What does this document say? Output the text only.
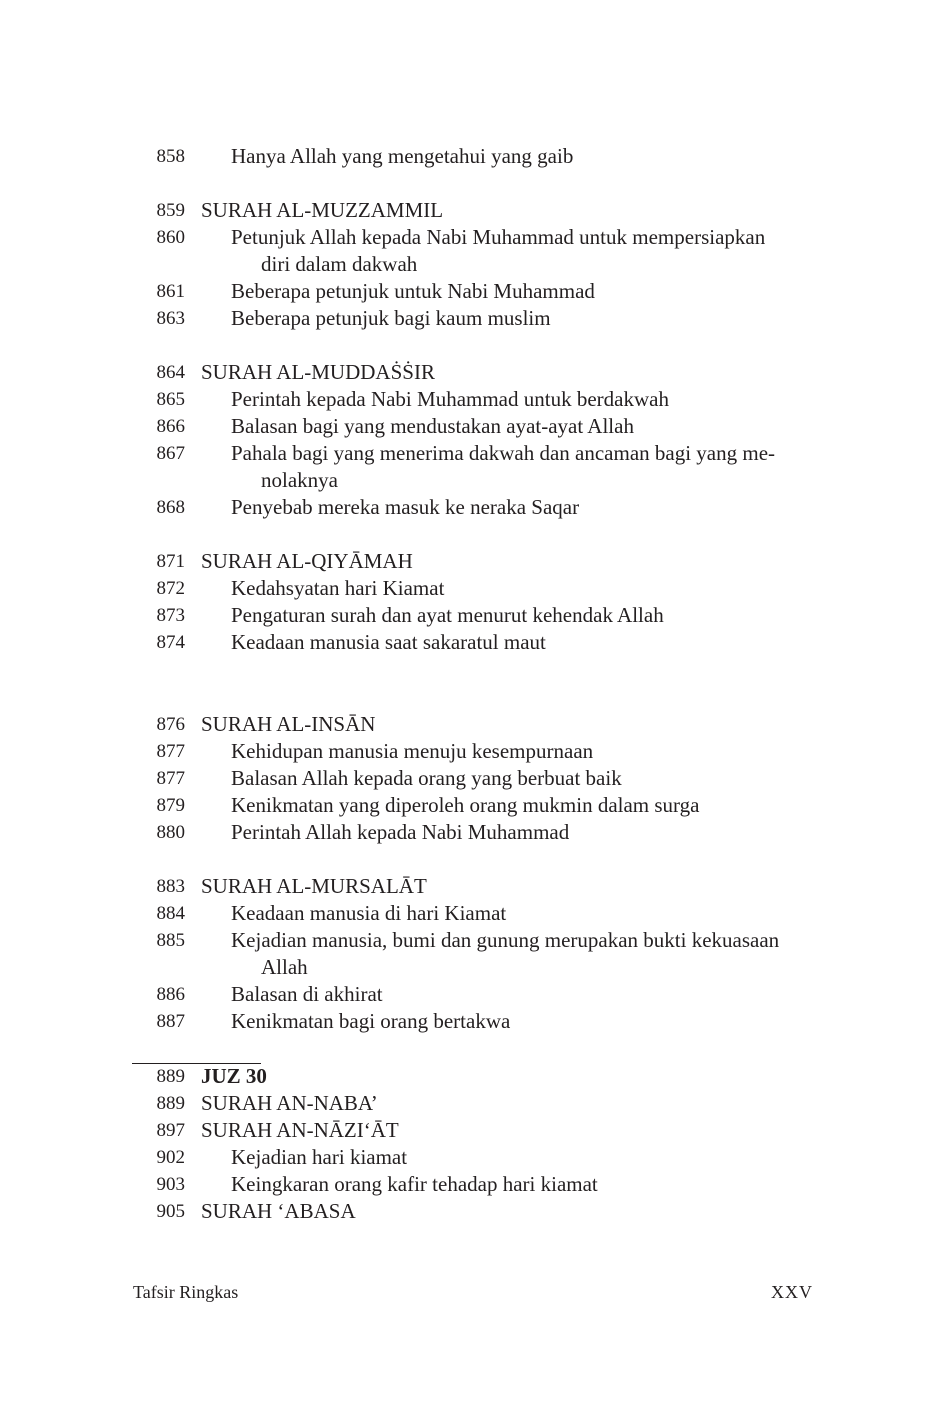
858 Hanya Allah yang mengetahui yang gaib
859 SURAH AL-MUZZAMMIL
860 Petunjuk Allah kepada Nabi Muhammad untuk mempersiapkan
diri dalam dakwah
861 Beberapa petunjuk untuk Nabi Muhammad
863 Beberapa petunjuk bagi kaum muslim
864 SURAH AL-MUDDAṠṠIR
865 Perintah kepada Nabi Muhammad untuk berdakwah
866 Balasan bagi yang mendustakan ayat-ayat Allah
867 Pahala bagi yang menerima dakwah dan ancaman bagi yang me-
nolaknya
868 Penyebab mereka masuk ke neraka Saqar
871 SURAH AL-QIYĀMAH
872 Kedahsyatan hari Kiamat
873 Pengaturan surah dan ayat menurut kehendak Allah
874 Keadaan manusia saat sakaratul maut
876 SURAH AL-INSĀN
877 Kehidupan manusia menuju kesempurnaan
877 Balasan Allah kepada orang yang berbuat baik
879 Kenikmatan yang diperoleh orang mukmin dalam surga
880 Perintah Allah kepada Nabi Muhammad
883 SURAH AL-MURSALĀT
884 Keadaan manusia di hari Kiamat
885 Kejadian manusia, bumi dan gunung merupakan bukti kekuasaan
Allah
886 Balasan di akhirat
887 Kenikmatan bagi orang bertakwa
889 JUZ 30
889 SURAH AN-NABA’
897 SURAH AN-NĀZI‘ĀT
902 Kejadian hari kiamat
903 Keingkaran orang kafir tehadap hari kiamat
905 SURAH ‘ABASA
Tafsir Ringkas	XXV
